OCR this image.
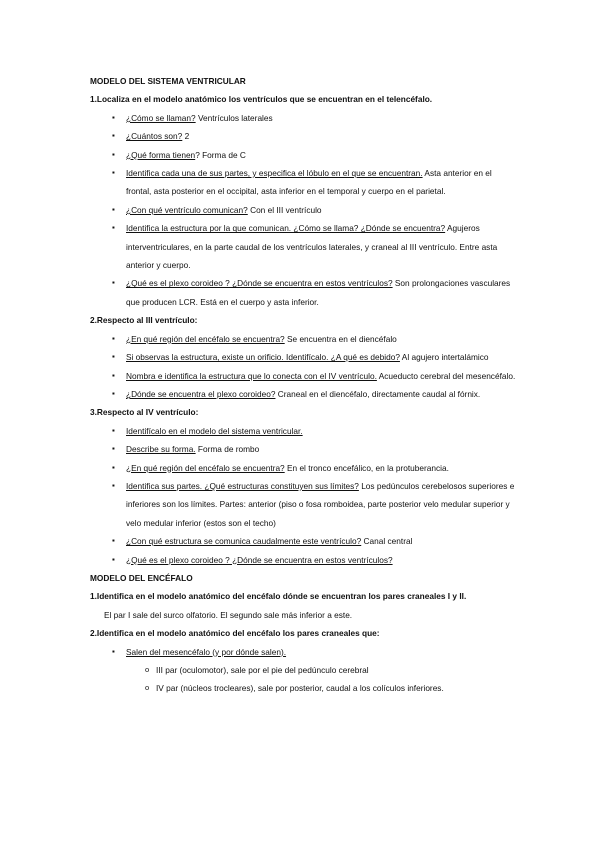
MODELO DEL SISTEMA VENTRICULAR

1.Localiza en el modelo anatómico los ventrículos que se encuentran en el telencéfalo.

▪ ¿Cómo se llaman? Ventrículos laterales
▪ ¿Cuántos son? 2
▪ ¿Qué forma tienen? Forma de C
▪ Identifica cada una de sus partes, y especifica el lóbulo en el que se encuentran. Asta anterior en el frontal, asta posterior en el occipital, asta inferior en el temporal y cuerpo en el parietal.
▪ ¿Con qué ventrículo comunican? Con el III ventrículo
▪ Identifica la estructura por la que comunican. ¿Cómo se llama? ¿Dónde se encuentra? Agujeros interventriculares, en la parte caudal de los ventrículos laterales, y craneal al III ventrículo. Entre asta anterior y cuerpo.
▪ ¿Qué es el plexo coroideo ? ¿Dónde se encuentra en estos ventrículos? Son prolongaciones vasculares que producen LCR. Está en el cuerpo y asta inferior.

2.Respecto al III ventrículo:

▪ ¿En qué región del encéfalo se encuentra? Se encuentra en el diencéfalo
▪ Si observas la estructura, existe un orificio. Identifícalo. ¿A qué es debido? Al agujero intertalámico
▪ Nombra e identifica la estructura que lo conecta con el IV ventrículo. Acueducto cerebral del mesencéfalo.
▪ ¿Dónde se encuentra el plexo coroideo? Craneal en el diencéfalo, directamente caudal al fórnix.

3.Respecto al IV ventrículo:

▪ Identifícalo en el modelo del sistema ventricular.
▪ Describe su forma. Forma de rombo
▪ ¿En qué región del encéfalo se encuentra? En el tronco encefálico, en la protuberancia.
▪ Identifica sus partes. ¿Qué estructuras constituyen sus límites? Los pedúnculos cerebelosos superiores e inferiores son los límites. Partes: anterior (piso o fosa romboidea, parte posterior velo medular superior y velo medular inferior (estos son el techo)
▪ ¿Con qué estructura se comunica caudalmente este ventrículo? Canal central
▪ ¿Qué es el plexo coroideo ? ¿Dónde se encuentra en estos ventrículos?

MODELO DEL ENCÉFALO

1.Identifica en el modelo anatómico del encéfalo dónde se encuentran los pares craneales I y II.

El par I sale del surco olfatorio. El segundo sale más inferior a este.

2.Identifica en el modelo anatómico del encéfalo los pares craneales que:

▪ Salen del mesencéfalo (y por dónde salen).
o III par (oculomotor), sale por el pie del pedúnculo cerebral
o IV par (núcleos trocleares), sale por posterior, caudal a los colículos inferiores.
